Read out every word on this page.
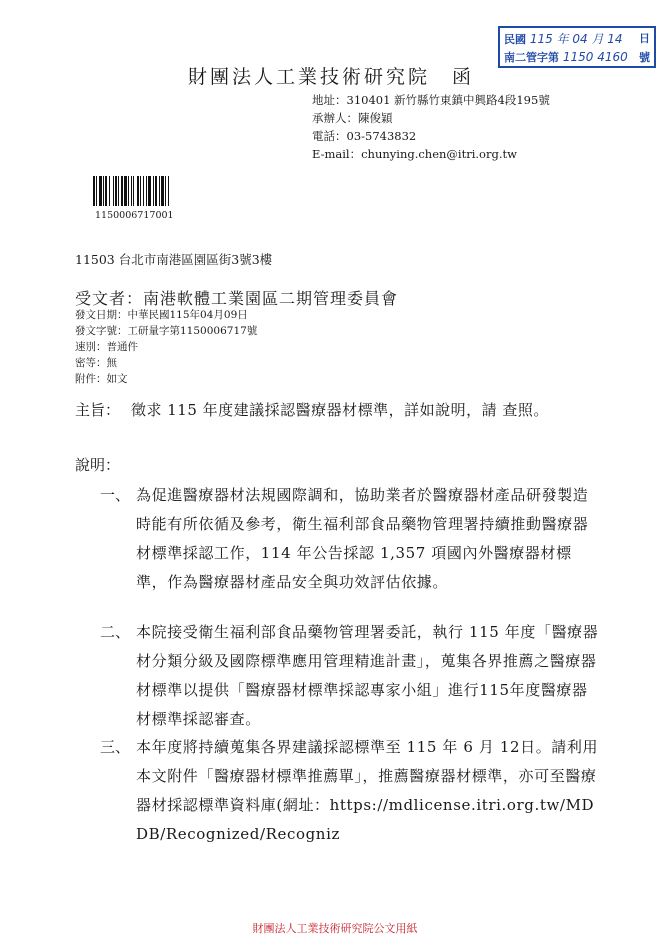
民國 115 年 04 月 14 日
南二管字第 1150 4160 號
財團法人工業技術研究院　函
地址：310401 新竹縣竹東鎮中興路4段195號
承辦人：陳俊穎
電話：03-5743832
E-mail：chunying.chen@itri.org.tw
1150006717001
11503 台北市南港區園區街3號3樓
受文者：南港軟體工業園區二期管理委員會
發文日期：中華民國115年04月09日
發文字號：工研量字第1150006717號
速別：普通件
密等：無
附件：如文
主旨： 徵求 115 年度建議採認醫療器材標準，詳如說明，請 查照。
說明：
一、 為促進醫療器材法規國際調和，協助業者於醫療器材產品研發製造時能有所依循及參考，衛生福利部食品藥物管理署持續推動醫療器材標準採認工作，114 年公告採認 1,357 項國內外醫療器材標準，作為醫療器材產品安全與功效評估依據。
二、 本院接受衛生福利部食品藥物管理署委託，執行 115 年度「醫療器材分類分級及國際標準應用管理精進計畫」，蒐集各界推薦之醫療器材標準以提供「醫療器材標準採認專家小組」進行115年度醫療器材標準採認審查。
三、 本年度將持續蒐集各界建議採認標準至 115 年 6 月 12日。請利用本文附件「醫療器材標準推薦單」，推薦醫療器材標準，亦可至醫療器材採認標準資料庫(網址：https://mdlicense.itri.org.tw/MDDB/Recognized/Recogniz
財團法人工業技術研究院公文用紙
